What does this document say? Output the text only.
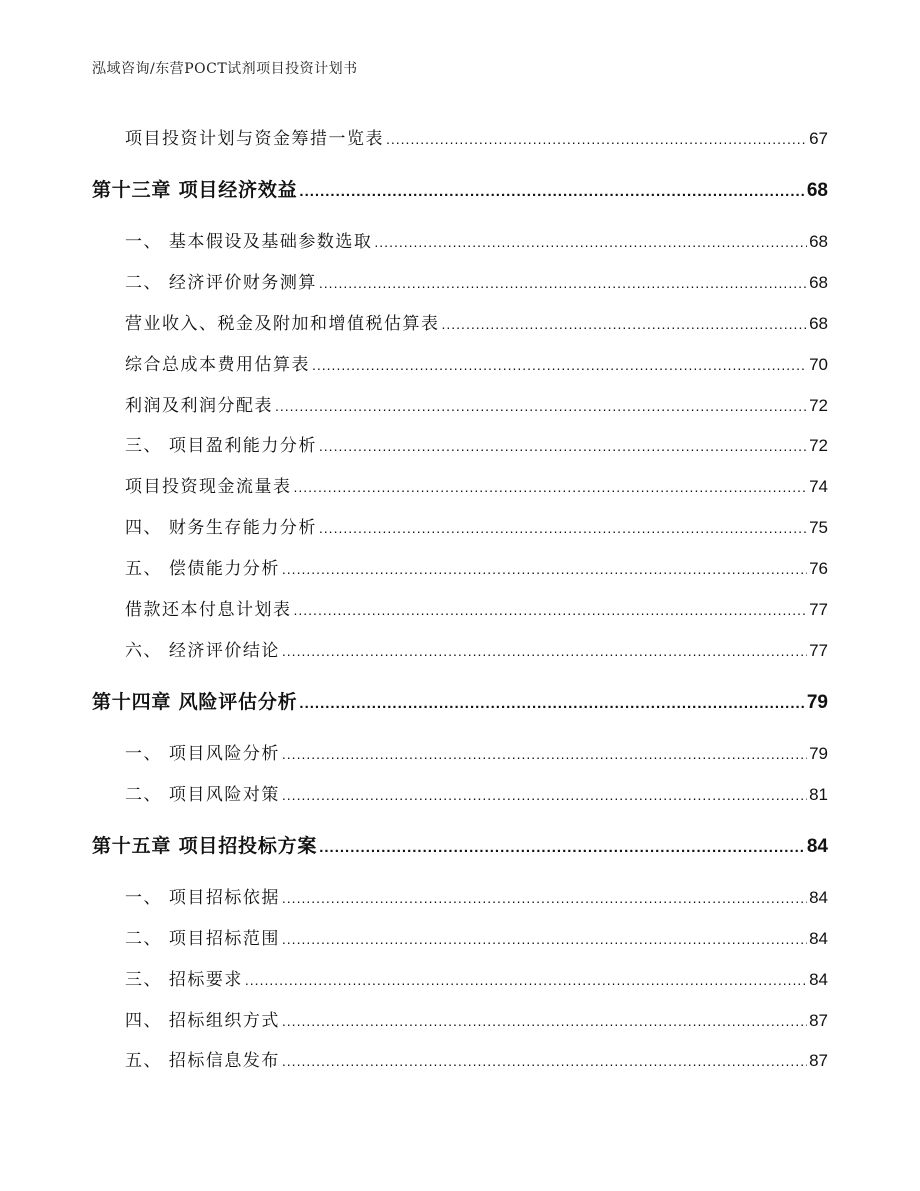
泓域咨询/东营POCT试剂项目投资计划书
项目投资计划与资金筹措一览表 .....	67
第十三章 项目经济效益 .....	68
一、 基本假设及基础参数选取 .....	68
二、 经济评价财务测算 .....	68
营业收入、税金及附加和增值税估算表 .....	68
综合总成本费用估算表 .....	70
利润及利润分配表 .....	72
三、 项目盈利能力分析 .....	72
项目投资现金流量表 .....	74
四、 财务生存能力分析 .....	75
五、 偿债能力分析 .....	76
借款还本付息计划表 .....	77
六、 经济评价结论 .....	77
第十四章 风险评估分析 .....	79
一、 项目风险分析 .....	79
二、 项目风险对策 .....	81
第十五章 项目招投标方案 .....	84
一、 项目招标依据 .....	84
二、 项目招标范围 .....	84
三、 招标要求 .....	84
四、 招标组织方式 .....	87
五、 招标信息发布 .....	87
